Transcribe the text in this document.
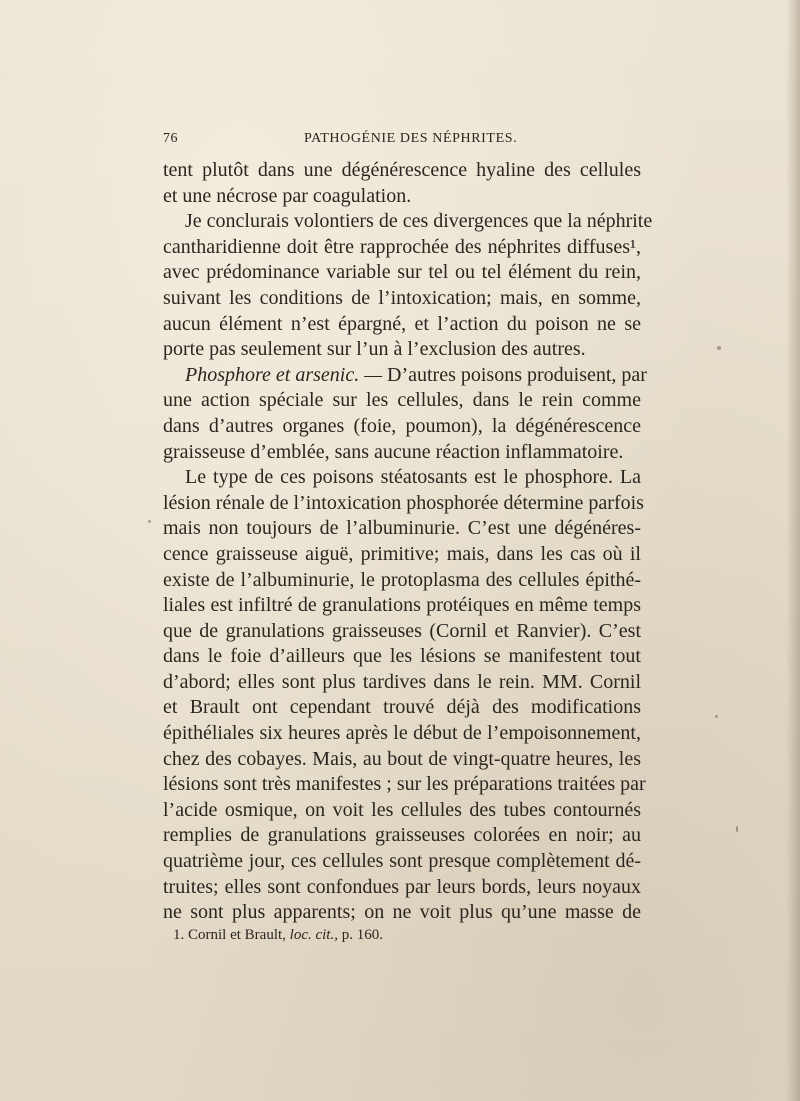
76	PATHOGÉNIE DES NÉPHRITES.
tent plutôt dans une dégénérescence hyaline des cellules
et une nécrose par coagulation.
Je conclurais volontiers de ces divergences que la néphrite
cantharidienne doit être rapprochée des néphrites diffuses¹,
avec prédominance variable sur tel ou tel élément du rein,
suivant les conditions de l’intoxication; mais, en somme,
aucun élément n’est épargné, et l’action du poison ne se
porte pas seulement sur l’un à l’exclusion des autres.
Phosphore et arsenic. — D’autres poisons produisent, par
une action spéciale sur les cellules, dans le rein comme
dans d’autres organes (foie, poumon), la dégénérescence
graisseuse d’emblée, sans aucune réaction inflammatoire.
Le type de ces poisons stéatosants est le phosphore. La
lésion rénale de l’intoxication phosphorée détermine parfois
mais non toujours de l’albuminurie. C’est une dégénéres-
cence graisseuse aiguë, primitive; mais, dans les cas où il
existe de l’albuminurie, le protoplasma des cellules épithé-
liales est infiltré de granulations protéiques en même temps
que de granulations graisseuses (Cornil et Ranvier). C’est
dans le foie d’ailleurs que les lésions se manifestent tout
d’abord; elles sont plus tardives dans le rein. MM. Cornil
et Brault ont cependant trouvé déjà des modifications
épithéliales six heures après le début de l’empoisonnement,
chez des cobayes. Mais, au bout de vingt-quatre heures, les
lésions sont très manifestes ; sur les préparations traitées par
l’acide osmique, on voit les cellules des tubes contournés
remplies de granulations graisseuses colorées en noir; au
quatrième jour, ces cellules sont presque complètement dé-
truites; elles sont confondues par leurs bords, leurs noyaux
ne sont plus apparents; on ne voit plus qu’une masse de
1. Cornil et Brault, loc. cit., p. 160.
